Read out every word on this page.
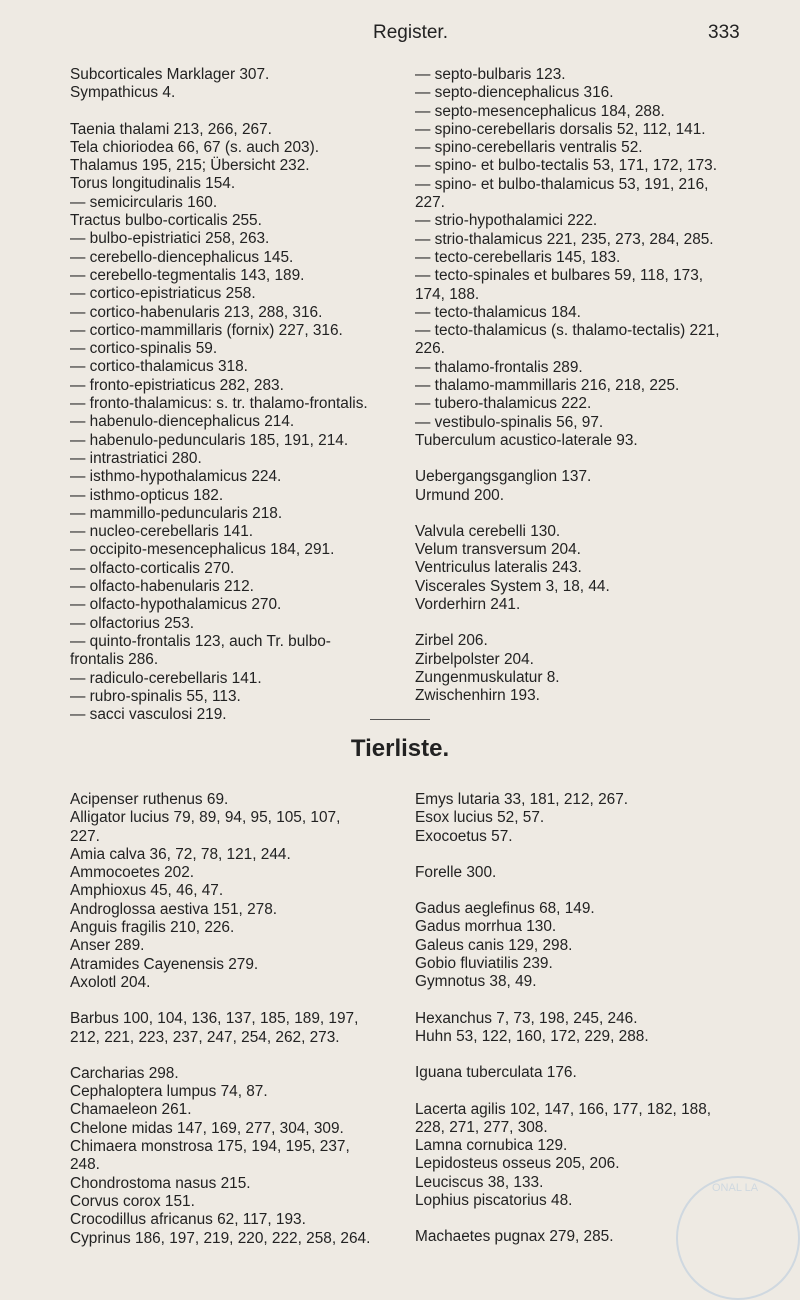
Register.	333
Subcorticales Marklager 307.
Sympathicus 4.
Taenia thalami 213, 266, 267.
Tela chioriodea 66, 67 (s. auch 203).
Thalamus 195, 215; Übersicht 232.
Torus longitudinalis 154.
— semicircularis 160.
Tractus bulbo-corticalis 255.
— bulbo-epistriatici 258, 263.
— cerebello-diencephalicus 145.
— cerebello-tegmentalis 143, 189.
— cortico-epistriaticus 258.
— cortico-habenularis 213, 288, 316.
— cortico-mammillaris (fornix) 227, 316.
— cortico-spinalis 59.
— cortico-thalamicus 318.
— fronto-epistriaticus 282, 283.
— fronto-thalamicus: s. tr. thalamo-frontalis.
— habenulo-diencephalicus 214.
— habenulo-peduncularis 185, 191, 214.
— intrastriatici 280.
— isthmo-hypothalamicus 224.
— isthmo-opticus 182.
— mammillo-peduncularis 218.
— nucleo-cerebellaris 141.
— occipito-mesencephalicus 184, 291.
— olfacto-corticalis 270.
— olfacto-habenularis 212.
— olfacto-hypothalamicus 270.
— olfactorius 253.
— quinto-frontalis 123, auch Tr. bulbo-
frontalis 286.
— radiculo-cerebellaris 141.
— rubro-spinalis 55, 113.
— sacci vasculosi 219.
— septo-bulbaris 123.
— septo-diencephalicus 316.
— septo-mesencephalicus 184, 288.
— spino-cerebellaris dorsalis 52, 112, 141.
— spino-cerebellaris ventralis 52.
— spino- et bulbo-tectalis 53, 171, 172, 173.
— spino- et bulbo-thalamicus 53, 191, 216,
227.
— strio-hypothalamici 222.
— strio-thalamicus 221, 235, 273, 284, 285.
— tecto-cerebellaris 145, 183.
— tecto-spinales et bulbares 59, 118, 173,
174, 188.
— tecto-thalamicus 184.
— tecto-thalamicus (s. thalamo-tectalis) 221,
226.
— thalamo-frontalis 289.
— thalamo-mammillaris 216, 218, 225.
— tubero-thalamicus 222.
— vestibulo-spinalis 56, 97.
Tuberculum acustico-laterale 93.
Uebergangsganglion 137.
Urmund 200.
Valvula cerebelli 130.
Velum transversum 204.
Ventriculus lateralis 243.
Viscerales System 3, 18, 44.
Vorderhirn 241.
Zirbel 206.
Zirbelpolster 204.
Zungenmuskulatur 8.
Zwischenhirn 193.
Tierliste.
Acipenser ruthenus 69.
Alligator lucius 79, 89, 94, 95, 105, 107,
227.
Amia calva 36, 72, 78, 121, 244.
Ammocoetes 202.
Amphioxus 45, 46, 47.
Androglossa aestiva 151, 278.
Anguis fragilis 210, 226.
Anser 289.
Atramides Cayenensis 279.
Axolotl 204.
Barbus 100, 104, 136, 137, 185, 189, 197,
212, 221, 223, 237, 247, 254, 262, 273.
Carcharias 298.
Cephaloptera lumpus 74, 87.
Chamaeleon 261.
Chelone midas 147, 169, 277, 304, 309.
Chimaera monstrosa 175, 194, 195, 237,
248.
Chondrostoma nasus 215.
Corvus corox 151.
Crocodillus africanus 62, 117, 193.
Cyprinus 186, 197, 219, 220, 222, 258, 264.
Emys lutaria 33, 181, 212, 267.
Esox lucius 52, 57.
Exocoetus 57.
Forelle 300.
Gadus aeglefinus 68, 149.
Gadus morrhua 130.
Galeus canis 129, 298.
Gobio fluviatilis 239.
Gymnotus 38, 49.
Hexanchus 7, 73, 198, 245, 246.
Huhn 53, 122, 160, 172, 229, 288.
Iguana tuberculata 176.
Lacerta agilis 102, 147, 166, 177, 182, 188,
228, 271, 277, 308.
Lamna cornubica 129.
Lepidosteus osseus 205, 206.
Leuciscus 38, 133.
Lophius piscatorius 48.
Machaetes pugnax 279, 285.
ONAL LA
